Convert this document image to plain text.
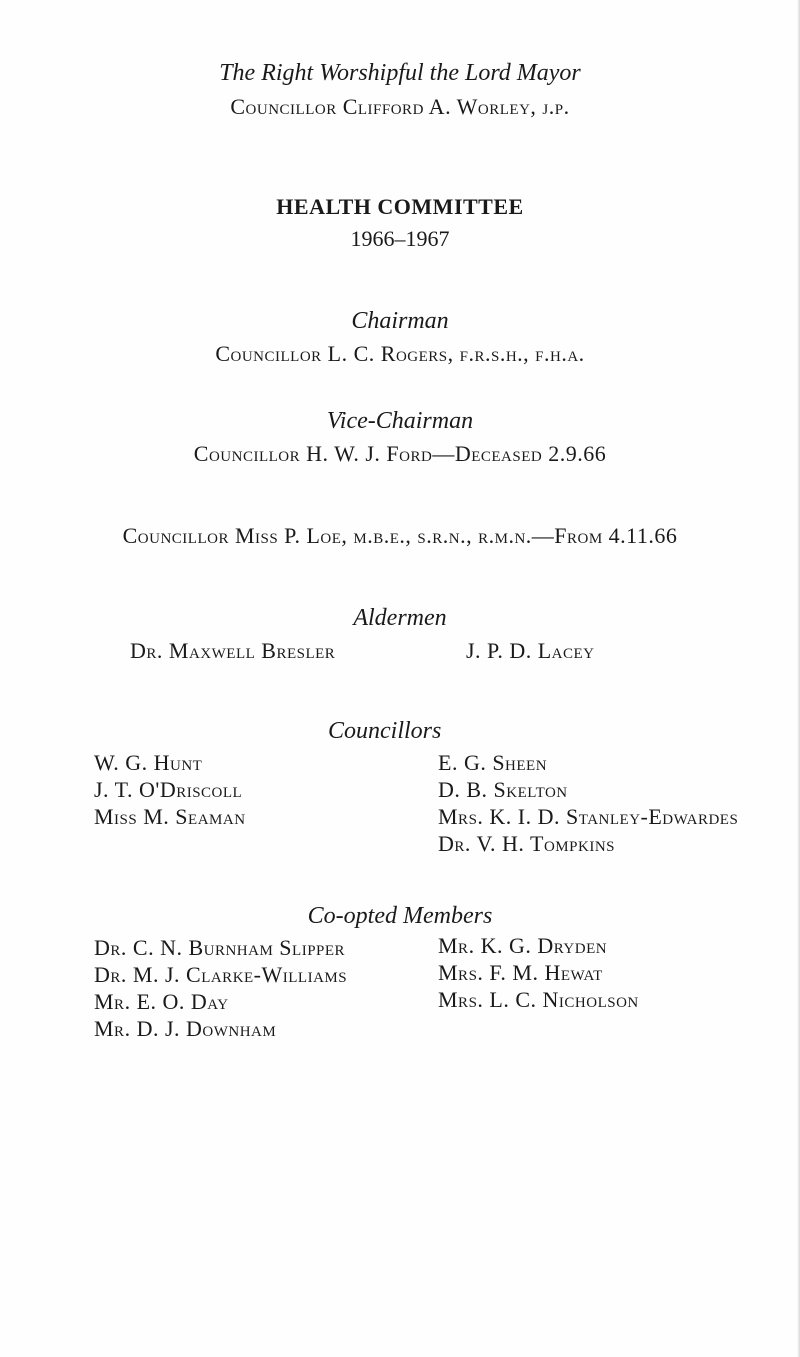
The Right Worshipful the Lord Mayor
Councillor Clifford A. Worley, j.p.
HEALTH COMMITTEE
1966–1967
Chairman
Councillor L. C. Rogers, f.r.s.h., f.h.a.
Vice-Chairman
Councillor H. W. J. Ford—Deceased 2.9.66
Councillor Miss P. Loe, m.b.e., s.r.n., r.m.n.—From 4.11.66
Aldermen
Dr. Maxwell Bresler	J. P. D. Lacey
Councillors
W. G. Hunt
J. T. O'Driscoll
Miss M. Seaman
E. G. Sheen
D. B. Skelton
Mrs. K. I. D. Stanley-Edwardes
Dr. V. H. Tompkins
Co-opted Members
Dr. C. N. Burnham Slipper
Dr. M. J. Clarke-Williams
Mr. E. O. Day
Mr. D. J. Downham
Mr. K. G. Dryden
Mrs. F. M. Hewat
Mrs. L. C. Nicholson
